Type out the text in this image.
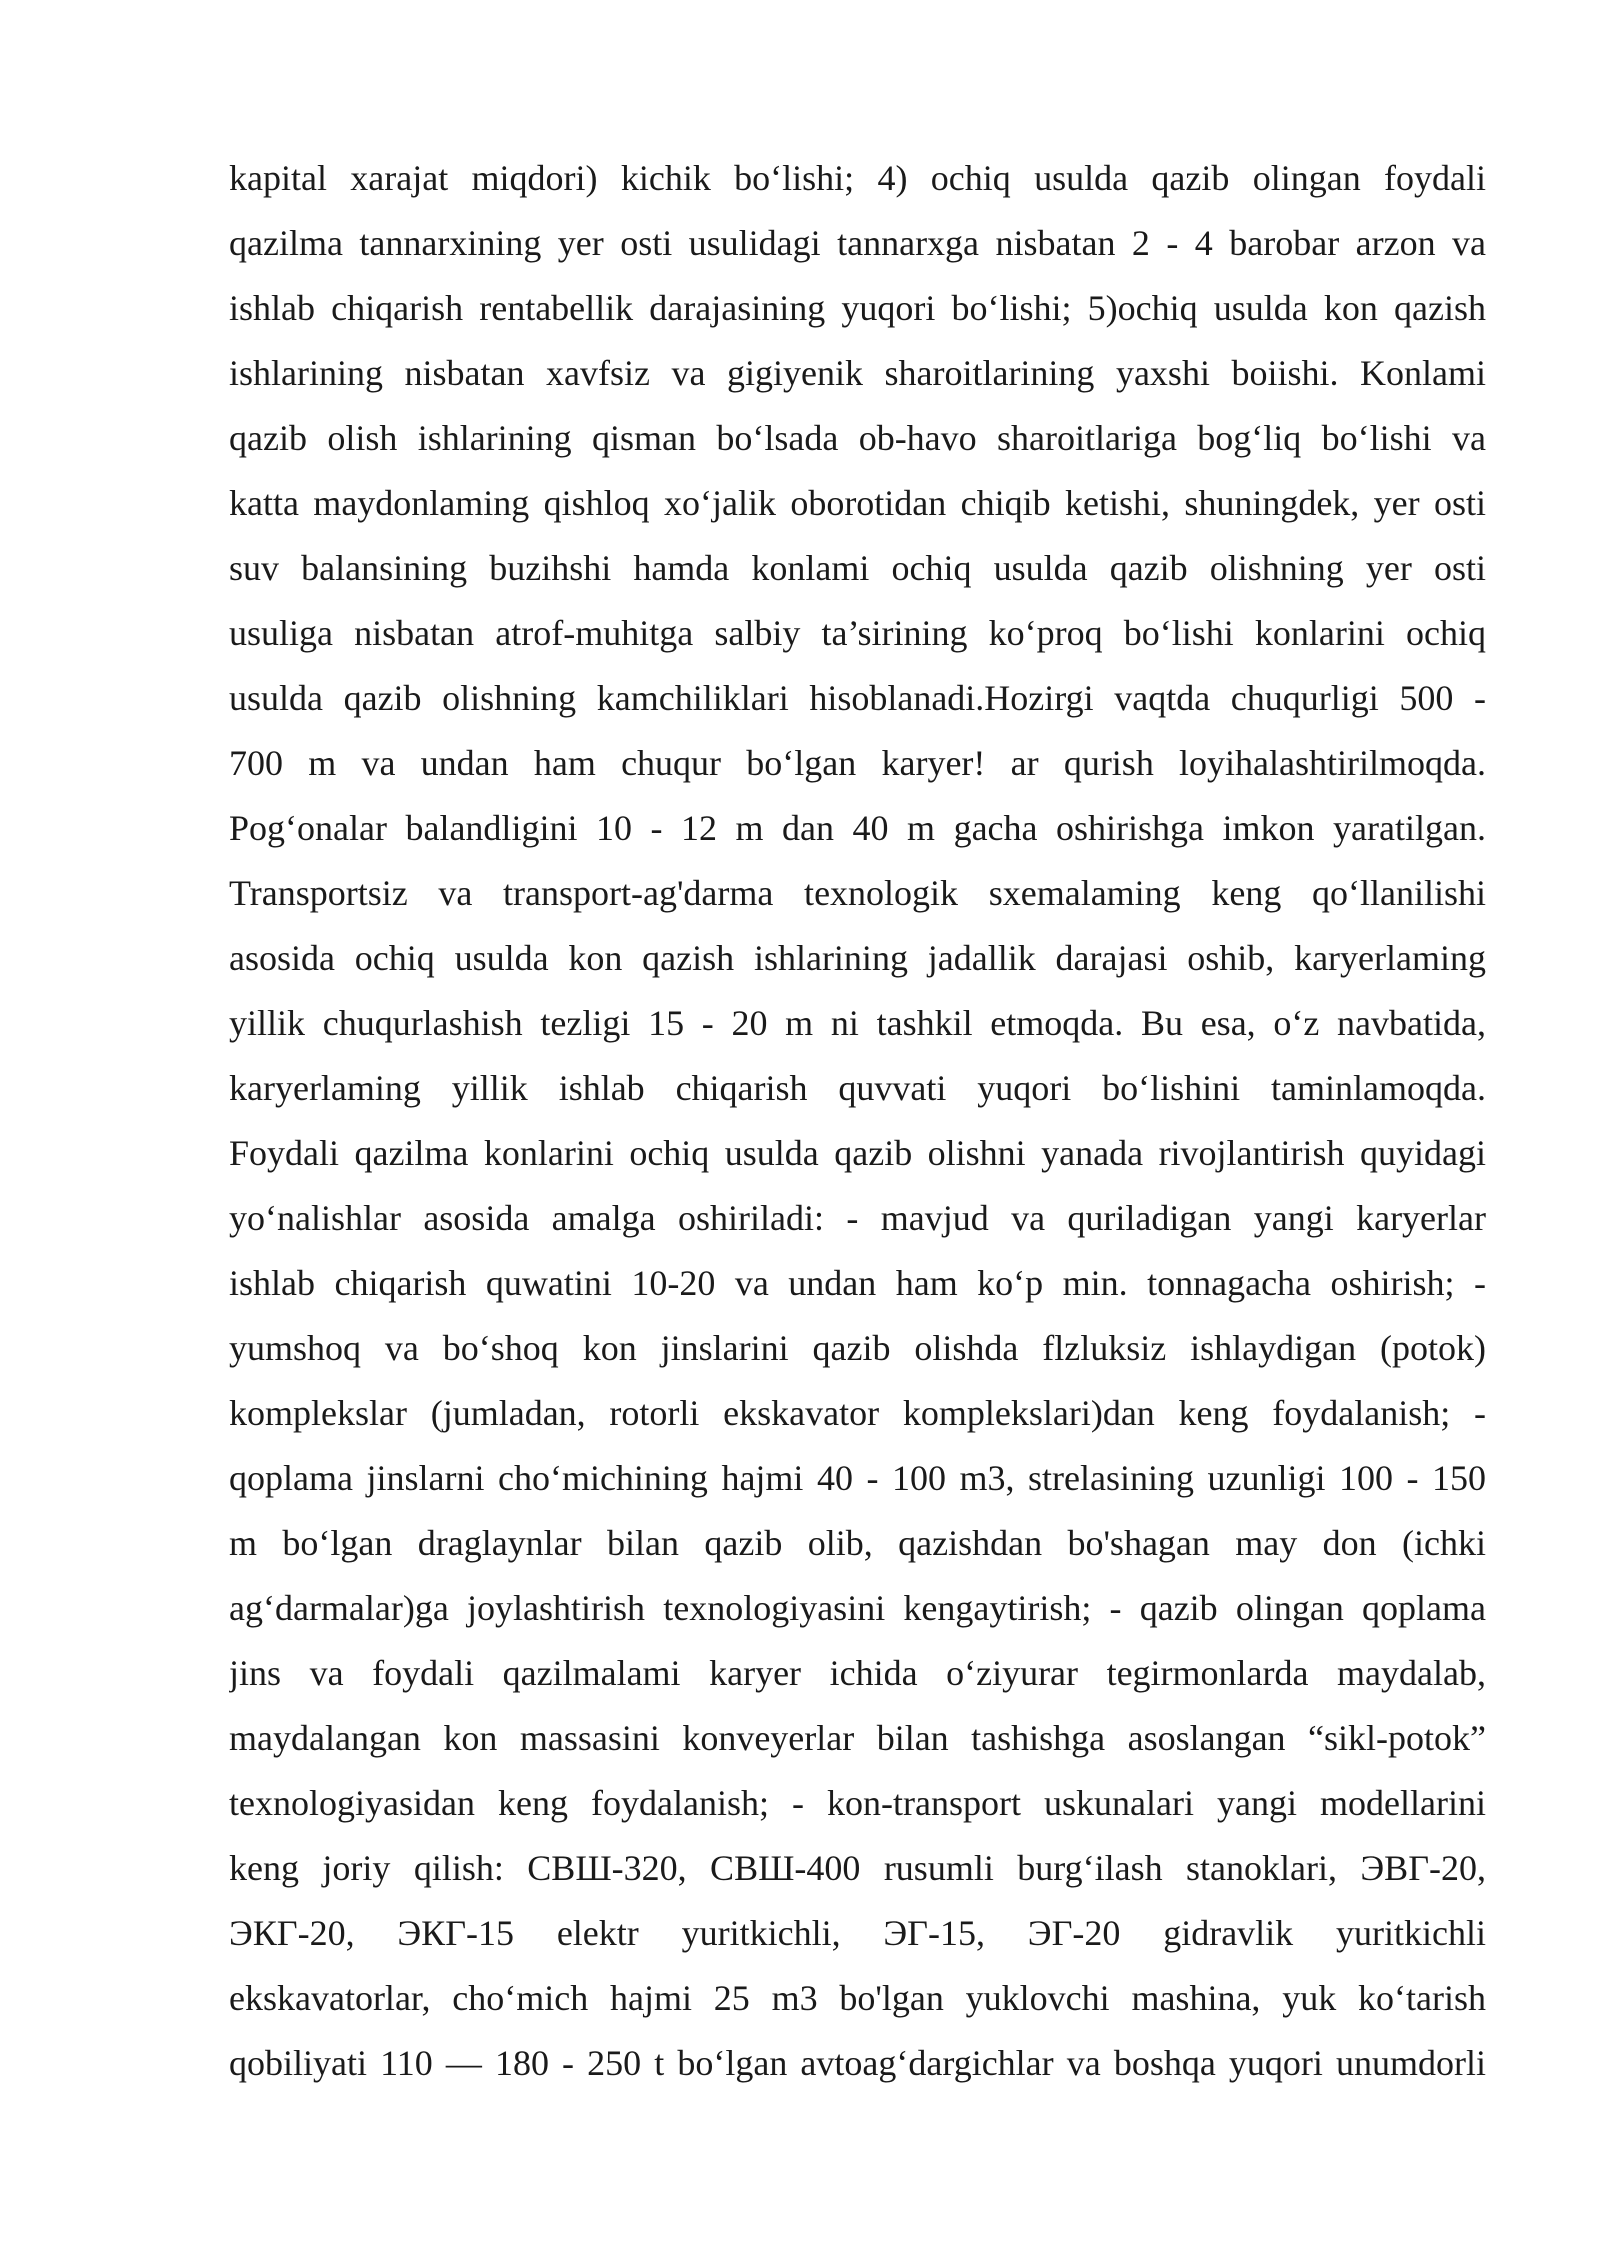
kapital xarajat miqdori) kichik bo‘lishi; 4) ochiq usulda qazib olingan foydali
qazilma tannarxining yer osti usulidagi tannarxga nisbatan 2 - 4 barobar arzon va
ishlab chiqarish rentabellik darajasining yuqori bo‘lishi; 5)ochiq usulda kon qazish
ishlarining nisbatan xavfsiz va gigiyenik sharoitlarining yaxshi boiishi. Konlami
qazib olish ishlarining qisman bo‘lsada ob-havo sharoitlariga bog‘liq bo‘lishi va
katta maydonlaming qishloq xo‘jalik oborotidan chiqib ketishi, shuningdek, yer osti
suv balansining buzihshi hamda konlami ochiq usulda qazib olishning yer osti
usuliga nisbatan atrof-muhitga salbiy ta’sirining ko‘proq bo‘lishi konlarini ochiq
usulda qazib olishning kamchiliklari hisoblanadi.Hozirgi vaqtda chuqurligi 500 -
700 m va undan ham chuqur bo‘lgan karyer! ar qurish loyihalashtirilmoqda.
Pog‘onalar balandligini 10 - 12 m dan 40 m gacha oshirishga imkon yaratilgan.
Transportsiz va transport-ag'darma texnologik sxemalaming keng qo‘llanilishi
asosida ochiq usulda kon qazish ishlarining jadallik darajasi oshib, karyerlaming
yillik chuqurlashish tezligi 15 - 20 m ni tashkil etmoqda. Bu esa, o‘z navbatida,
karyerlaming yillik ishlab chiqarish quvvati yuqori bo‘lishini taminlamoqda.
Foydali qazilma konlarini ochiq usulda qazib olishni yanada rivojlantirish quyidagi
yo‘nalishlar asosida amalga oshiriladi: - mavjud va quriladigan yangi karyerlar
ishlab chiqarish quwatini 10-20 va undan ham ko‘p min. tonnagacha oshirish; -
yumshoq va bo‘shoq kon jinslarini qazib olishda flzluksiz ishlaydigan (potok)
komplekslar (jumladan, rotorli ekskavator komplekslari)dan keng foydalanish; -
qoplama jinslarni cho‘michining hajmi 40 - 100 m3, strelasining uzunligi 100 - 150
m bo‘lgan draglaynlar bilan qazib olib, qazishdan bo'shagan may don (ichki
ag‘darmalar)ga joylashtirish texnologiyasini kengaytirish; - qazib olingan qoplama
jins va foydali qazilmalami karyer ichida o‘ziyurar tegirmonlarda maydalab,
maydalangan kon massasini konveyerlar bilan tashishga asoslangan “sikl-potok”
texnologiyasidan keng foydalanish; - kon-transport uskunalari yangi modellarini
keng joriy qilish: СВШ-320, СВШ-400 rusumli burg‘ilash stanoklari, ЭВГ-20,
ЭКГ-20, ЭКГ-15 elektr yuritkichli, ЭГ-15, ЭГ-20 gidravlik yuritkichli
ekskavatorlar, cho‘mich hajmi 25 m3 bo'lgan yuklovchi mashina, yuk ko‘tarish
qobiliyati 110 — 180 - 250 t bo‘lgan avtoag‘dargichlar va boshqa yuqori unumdorli
